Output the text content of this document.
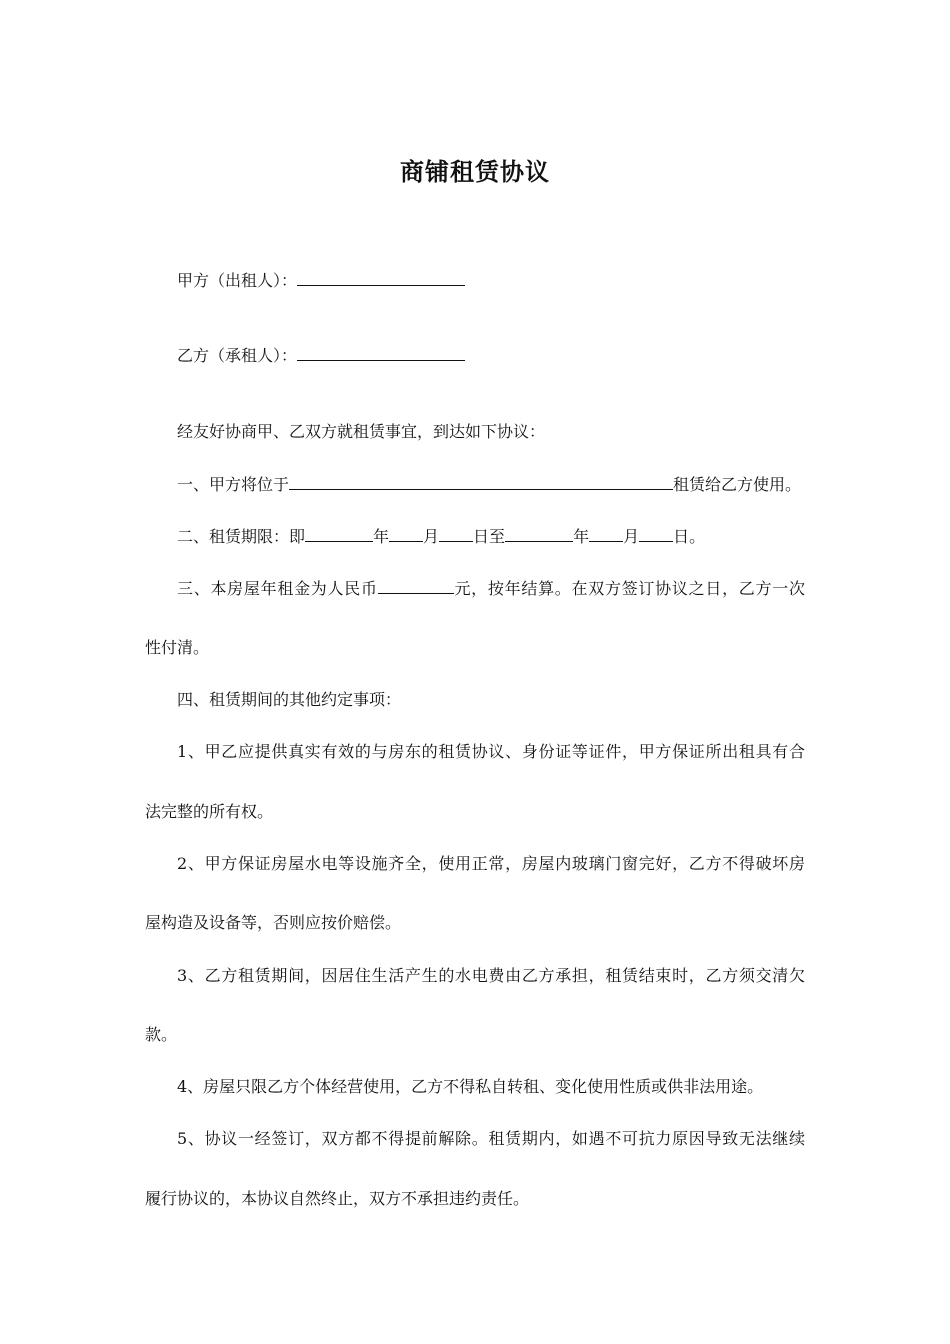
商铺租赁协议
甲方（出租人）：
乙方（承租人）：
经友好协商甲、乙双方就租赁事宜，到达如下协议：
一、甲方将位于	租赁给乙方使用。
二、租赁期限：即	年 月 日至	年 月 日。
三、本房屋年租金为人民币	元，按年结算。在双方签订协议之日，乙方一次
性付清。
四、租赁期间的其他约定事项：
1、甲乙应提供真实有效的与房东的租赁协议、身份证等证件，甲方保证所出租具有合
法完整的所有权。
2、甲方保证房屋水电等设施齐全，使用正常，房屋内玻璃门窗完好，乙方不得破坏房
屋构造及设备等，否则应按价赔偿。
3、乙方租赁期间，因居住生活产生的水电费由乙方承担，租赁结束时，乙方须交清欠
款。
4、房屋只限乙方个体经营使用，乙方不得私自转租、变化使用性质或供非法用途。
5、协议一经签订，双方都不得提前解除。租赁期内，如遇不可抗力原因导致无法继续
履行协议的，本协议自然终止，双方不承担违约责任。
